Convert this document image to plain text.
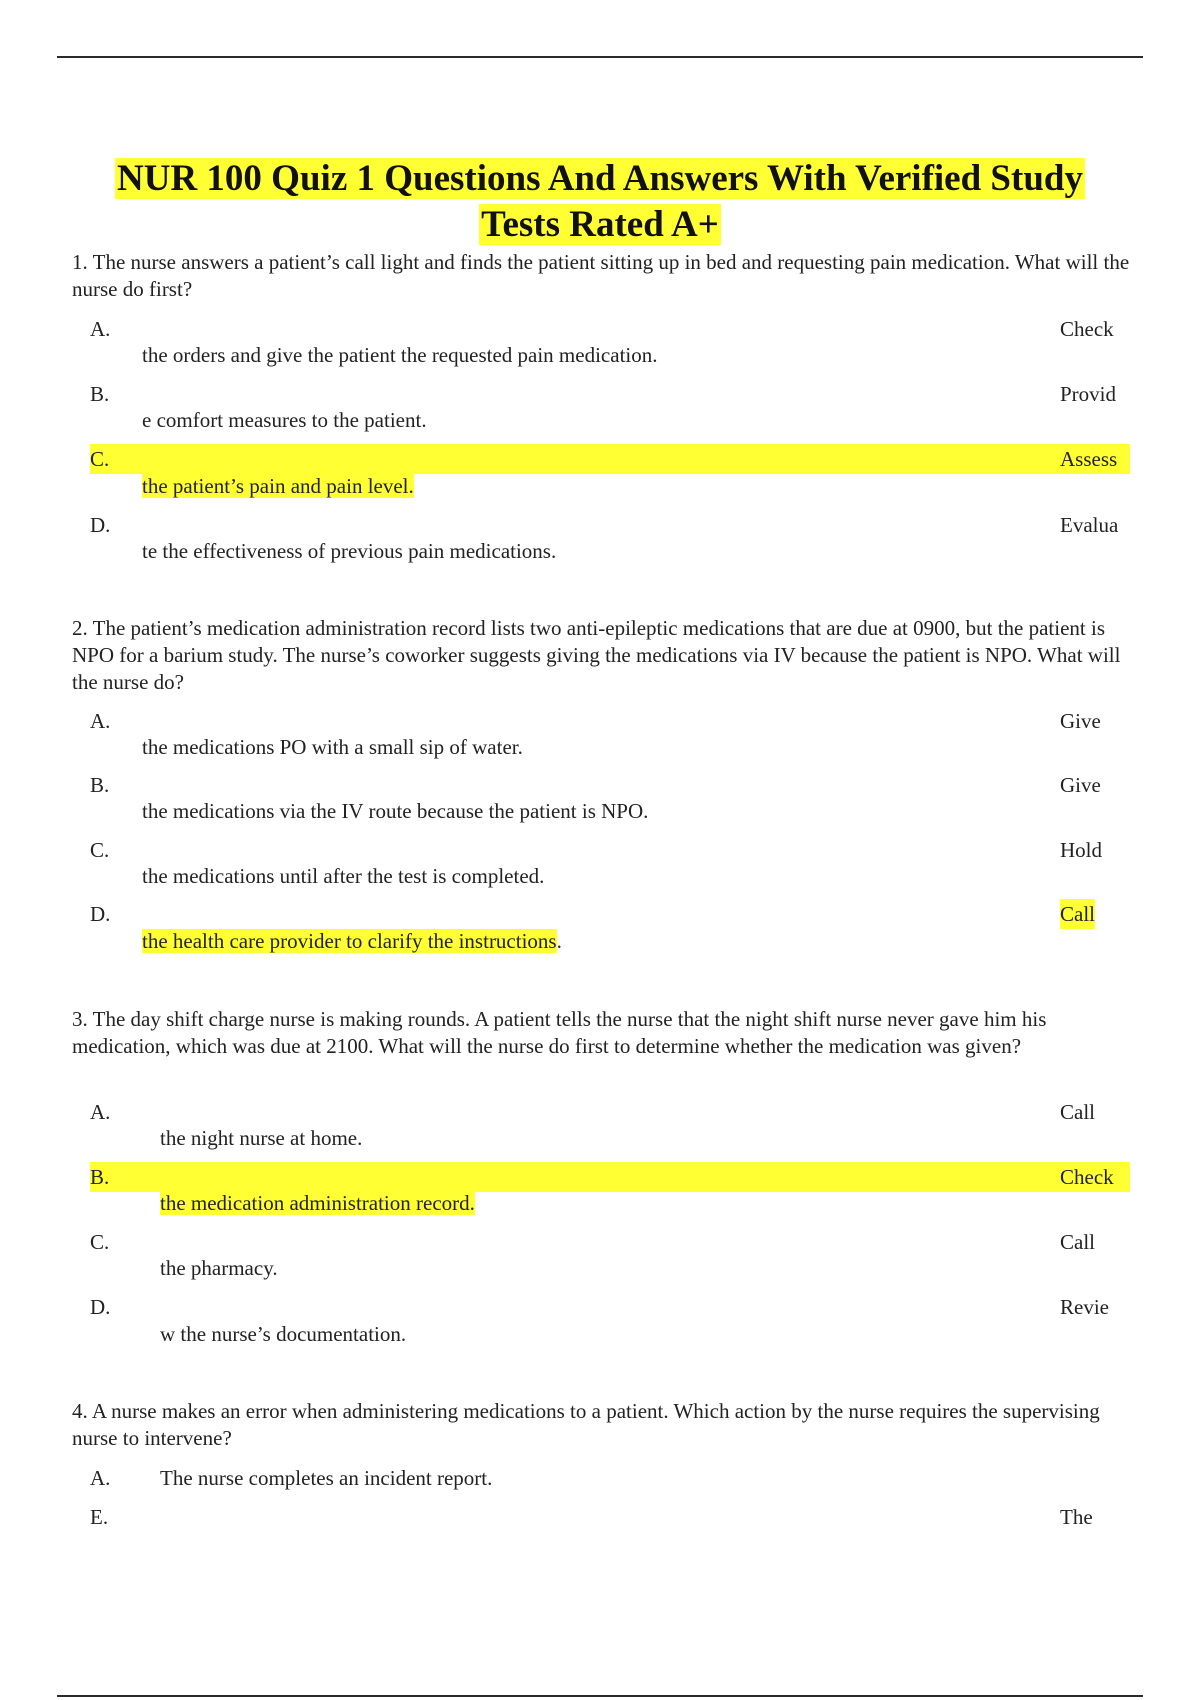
NUR 100 Quiz 1 Questions And Answers With Verified Study
Tests Rated A+
1. The nurse answers a patient’s call light and finds the patient sitting up in bed and requesting pain medication. What will the nurse do first?
A.	Check
the orders and give the patient the requested pain medication.
B.	Provid
e comfort measures to the patient.
C.	Assess
the patient’s pain and pain level.
D.	Evalua
te the effectiveness of previous pain medications.
2. The patient’s medication administration record lists two anti-epileptic medications that are due at 0900, but the patient is NPO for a barium study. The nurse’s coworker suggests giving the medications via IV because the patient is NPO. What will the nurse do?
A.	Give
the medications PO with a small sip of water.
B.	Give
the medications via the IV route because the patient is NPO.
C.	Hold
the medications until after the test is completed.
D.	Call
the health care provider to clarify the instructions.
3. The day shift charge nurse is making rounds. A patient tells the nurse that the night shift nurse never gave him his medication, which was due at 2100. What will the nurse do first to determine whether the medication was given?
A.	Call
the night nurse at home.
B.	Check
the medication administration record.
C.	Call
the pharmacy.
D.	Revie
w the nurse’s documentation.
4. A nurse makes an error when administering medications to a patient. Which action by the nurse requires the supervising nurse to intervene?
A. The nurse completes an incident report.
E.	The
